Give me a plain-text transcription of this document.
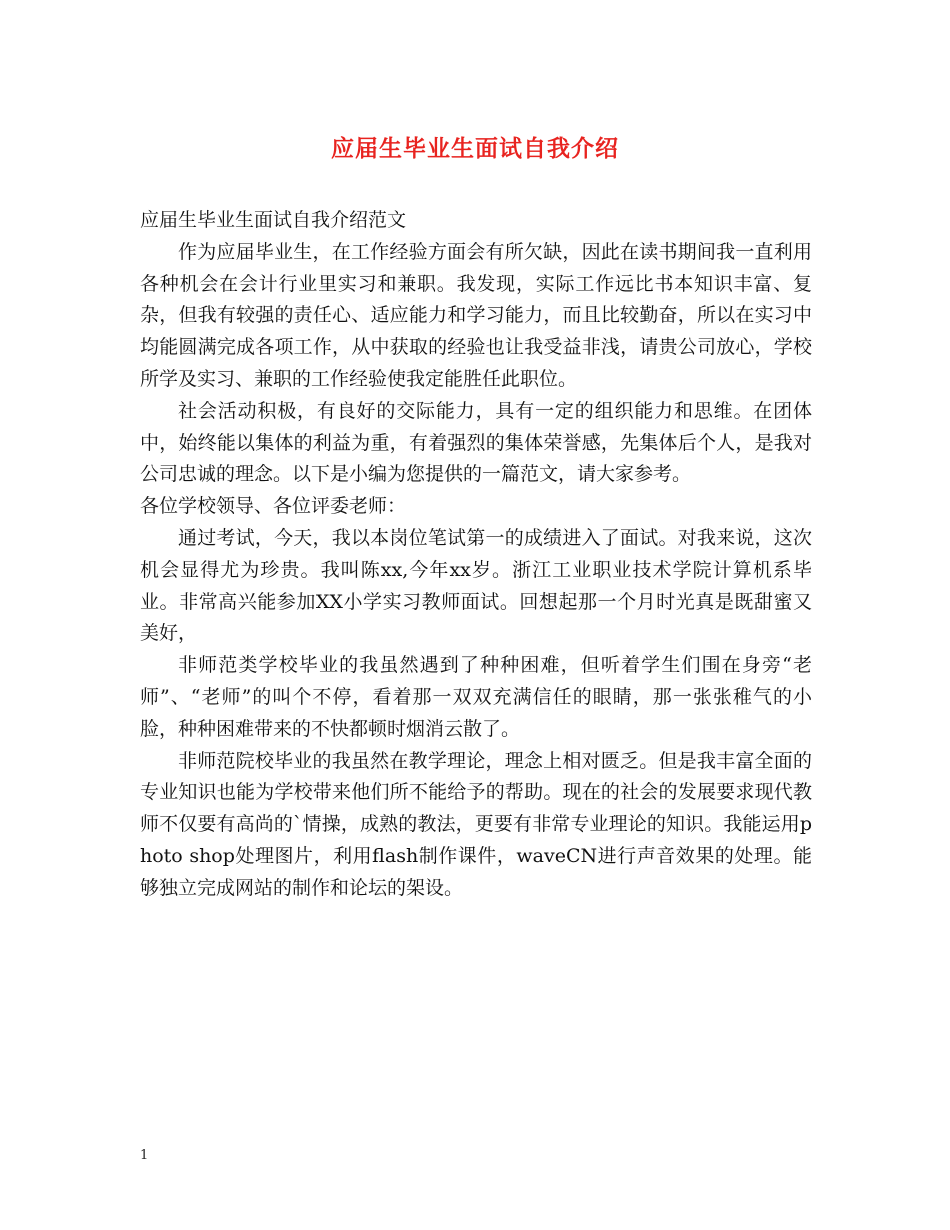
应届生毕业生面试自我介绍

应届生毕业生面试自我介绍范文

作为应届毕业生，在工作经验方面会有所欠缺，因此在读书期间我一直利用各种机会在会计行业里实习和兼职。我发现，实际工作远比书本知识丰富、复杂，但我有较强的责任心、适应能力和学习能力，而且比较勤奋，所以在实习中均能圆满完成各项工作，从中获取的经验也让我受益非浅，请贵公司放心，学校所学及实习、兼职的工作经验使我定能胜任此职位。

社会活动积极，有良好的交际能力，具有一定的组织能力和思维。在团体中，始终能以集体的利益为重，有着强烈的集体荣誉感，先集体后个人，是我对公司忠诚的理念。以下是小编为您提供的一篇范文，请大家参考。

各位学校领导、各位评委老师：

通过考试，今天，我以本岗位笔试第一的成绩进入了面试。对我来说，这次机会显得尤为珍贵。我叫陈xx,今年xx岁。浙江工业职业技术学院计算机系毕业。非常高兴能参加XX小学实习教师面试。回想起那一个月时光真是既甜蜜又美好，

非师范类学校毕业的我虽然遇到了种种困难，但听着学生们围在身旁“老师”、“老师”的叫个不停，看着那一双双充满信任的眼睛，那一张张稚气的小脸，种种困难带来的不快都顿时烟消云散了。

非师范院校毕业的我虽然在教学理论，理念上相对匮乏。但是我丰富全面的专业知识也能为学校带来他们所不能给予的帮助。现在的社会的发展要求现代教师不仅要有高尚的`情操，成熟的教法，更要有非常专业理论的知识。我能运用photo shop处理图片，利用flash制作课件，waveCN进行声音效果的处理。能够独立完成网站的制作和论坛的架设。

1
